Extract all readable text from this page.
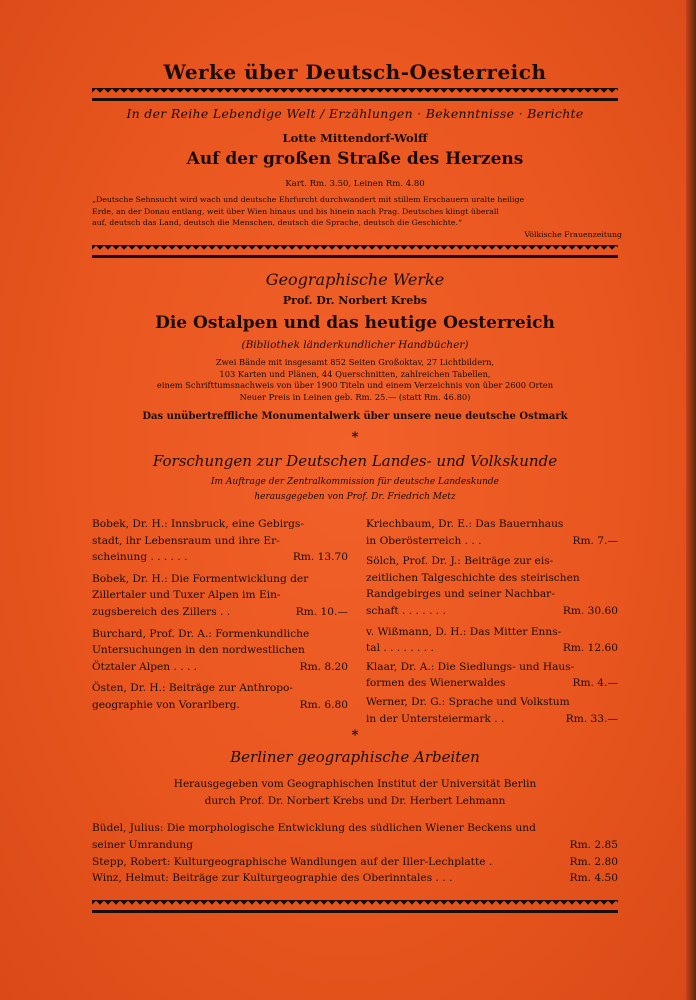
Werke über Deutsch-Oesterreich
In der Reihe Lebendige Welt / Erzählungen · Bekenntnisse · Berichte
Lotte Mittendorf-Wolff
Auf der großen Straße des Herzens
Kart. Rm. 3.50, Leinen Rm. 4.80
„Deutsche Sehnsucht wird wach und deutsche Ehrfurcht durchwandert mit stillem Erschauern uralte heilige
Erde, an der Donau entlang, weit über Wien hinaus und bis hinein nach Prag. Deutsches klingt überall
auf, deutsch das Land, deutsch die Menschen, deutsch die Sprache, deutsch die Geschichte.“
Völkische Frauenzeitung
Geographische Werke
Prof. Dr. Norbert Krebs
Die Ostalpen und das heutige Oesterreich
(Bibliothek länderkundlicher Handbücher)
Zwei Bände mit insgesamt 852 Seiten Großoktav, 27 Lichtbildern,
103 Karten und Plänen, 44 Querschnitten, zahlreichen Tabellen,
einem Schrifttumsnachweis von über 1900 Titeln und einem Verzeichnis von über 2600 Orten
Neuer Preis in Leinen geb. Rm. 25.— (statt Rm. 46.80)
Das unübertreffliche Monumentalwerk über unsere neue deutsche Ostmark
*
Forschungen zur Deutschen Landes- und Volkskunde
Im Auftrage der Zentralkommission für deutsche Landeskunde
herausgegeben von Prof. Dr. Friedrich Metz
Bobek, Dr. H.: Innsbruck, eine Gebirgs-
stadt, ihr Lebensraum und ihre Er-
scheinung . . . . . .	Rm. 13.70
Bobek, Dr. H.: Die Formentwicklung der
Zillertaler und Tuxer Alpen im Ein-
zugsbereich des Zillers . .	Rm. 10.—
Burchard, Prof. Dr. A.: Formenkundliche
Untersuchungen in den nordwestlichen
Ötztaler Alpen . . . .	Rm. 8.20
Östen, Dr. H.: Beiträge zur Anthropo-
geographie von Vorarlberg.	Rm. 6.80
Kriechbaum, Dr. E.: Das Bauernhaus
in Oberösterreich . . .	Rm. 7.—
Sölch, Prof. Dr. J.: Beiträge zur eis-
zeitlichen Talgeschichte des steirischen
Randgebirges und seiner Nachbar-
schaft . . . . . . .	Rm. 30.60
v. Wißmann, D. H.: Das Mitter Enns-
tal . . . . . . . .	Rm. 12.60
Klaar, Dr. A.: Die Siedlungs- und Haus-
formen des Wienerwaldes	Rm. 4.—
Werner, Dr. G.: Sprache und Volkstum
in der Untersteiermark . .	Rm. 33.—
*
Berliner geographische Arbeiten
Herausgegeben vom Geographischen Institut der Universität Berlin
durch Prof. Dr. Norbert Krebs und Dr. Herbert Lehmann
Büdel, Julius: Die morphologische Entwicklung des südlichen Wiener Beckens und
seiner Umrandung	Rm. 2.85
Stepp, Robert: Kulturgeographische Wandlungen auf der Iller-Lechplatte .	Rm. 2.80
Winz, Helmut: Beiträge zur Kulturgeographie des Oberinntales . . .	Rm. 4.50
